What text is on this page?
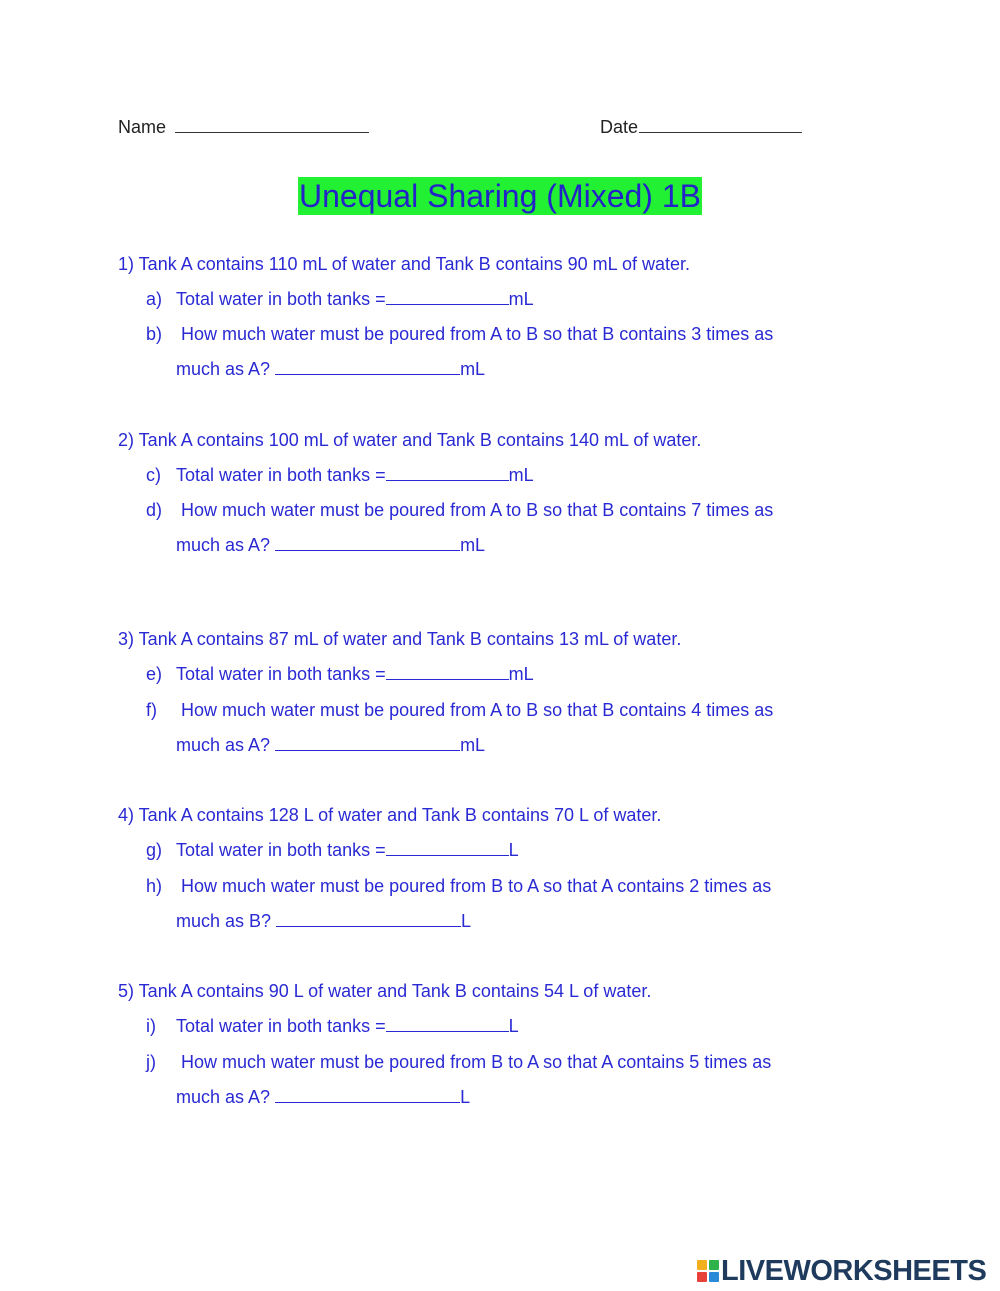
Name	Date
Unequal Sharing (Mixed) 1B
1) Tank A contains 110 mL of water and Tank B contains 90 mL of water.
a) Total water in both tanks =	mL
b) How much water must be poured from A to B so that B contains 3 times as
much as A?	mL
2) Tank A contains 100 mL of water and Tank B contains 140 mL of water.
c) Total water in both tanks =	mL
d) How much water must be poured from A to B so that B contains 7 times as
much as A?	mL
3) Tank A contains 87 mL of water and Tank B contains 13 mL of water.
e) Total water in both tanks =	mL
f) How much water must be poured from A to B so that B contains 4 times as
much as A?	mL
4) Tank A contains 128 L of water and Tank B contains 70 L of water.
g) Total water in both tanks =	L
h) How much water must be poured from B to A so that A contains 2 times as
much as B?	L
5) Tank A contains 90 L of water and Tank B contains 54 L of water.
i) Total water in both tanks =	L
j) How much water must be poured from B to A so that A contains 5 times as
much as A?	L
LIVEWORKSHEETS
